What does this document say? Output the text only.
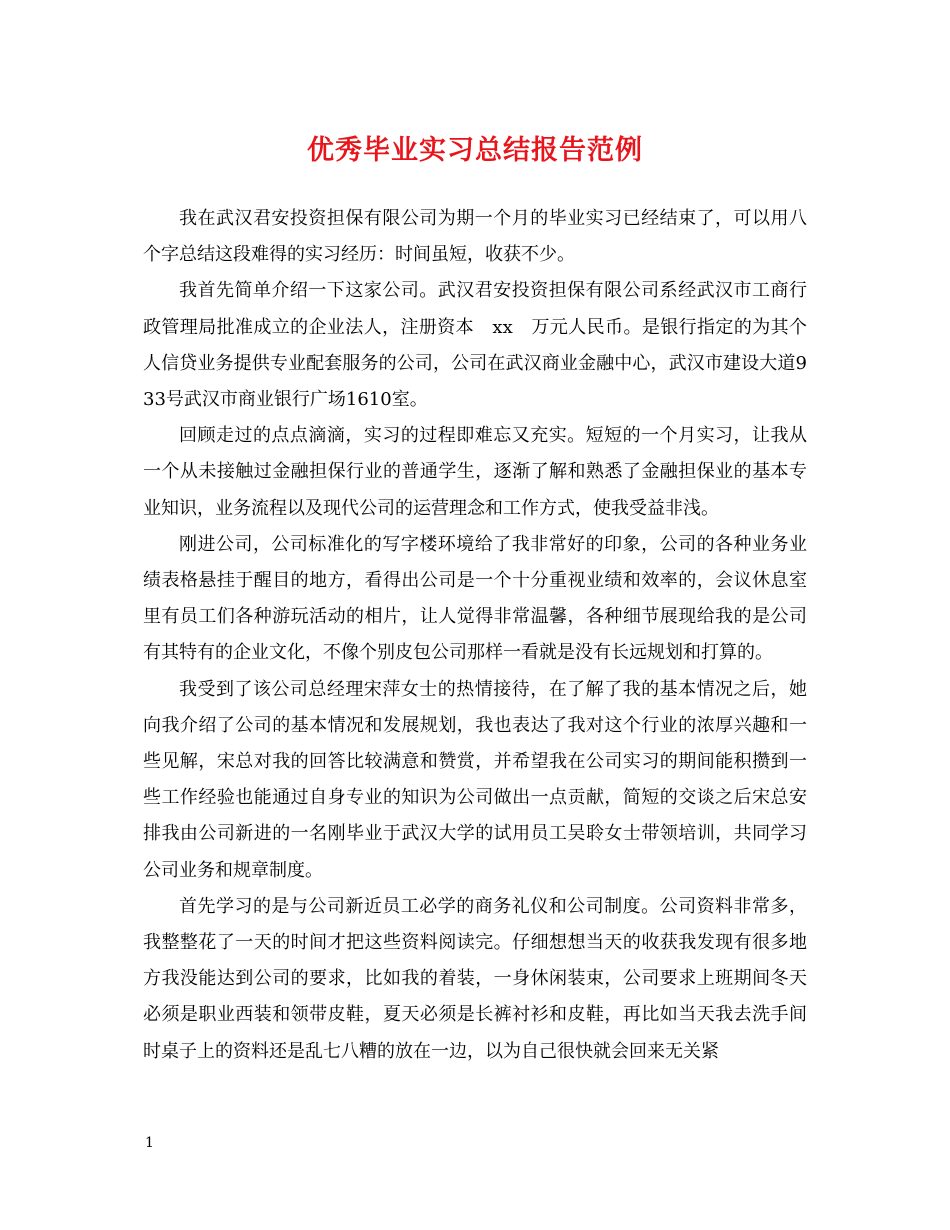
优秀毕业实习总结报告范例

我在武汉君安投资担保有限公司为期一个月的毕业实习已经结束了，可以用八个字总结这段难得的实习经历：时间虽短，收获不少。

我首先简单介绍一下这家公司。武汉君安投资担保有限公司系经武汉市工商行政管理局批准成立的企业法人，注册资本　xx　万元人民币。是银行指定的为其个人信贷业务提供专业配套服务的公司，公司在武汉商业金融中心，武汉市建设大道933号武汉市商业银行广场1610室。

回顾走过的点点滴滴，实习的过程即难忘又充实。短短的一个月实习，让我从一个从未接触过金融担保行业的普通学生，逐渐了解和熟悉了金融担保业的基本专业知识，业务流程以及现代公司的运营理念和工作方式，使我受益非浅。

刚进公司，公司标准化的写字楼环境给了我非常好的印象，公司的各种业务业绩表格悬挂于醒目的地方，看得出公司是一个十分重视业绩和效率的，会议休息室里有员工们各种游玩活动的相片，让人觉得非常温馨，各种细节展现给我的是公司有其特有的企业文化，不像个别皮包公司那样一看就是没有长远规划和打算的。

我受到了该公司总经理宋萍女士的热情接待，在了解了我的基本情况之后，她向我介绍了公司的基本情况和发展规划，我也表达了我对这个行业的浓厚兴趣和一些见解，宋总对我的回答比较满意和赞赏，并希望我在公司实习的期间能积攒到一些工作经验也能通过自身专业的知识为公司做出一点贡献，简短的交谈之后宋总安排我由公司新进的一名刚毕业于武汉大学的试用员工吴聆女士带领培训，共同学习公司业务和规章制度。

首先学习的是与公司新近员工必学的商务礼仪和公司制度。公司资料非常多，我整整花了一天的时间才把这些资料阅读完。仔细想想当天的收获我发现有很多地方我没能达到公司的要求，比如我的着装，一身休闲装束，公司要求上班期间冬天必须是职业西装和领带皮鞋，夏天必须是长裤衬衫和皮鞋，再比如当天我去洗手间时桌子上的资料还是乱七八糟的放在一边，以为自己很快就会回来无关紧

1
